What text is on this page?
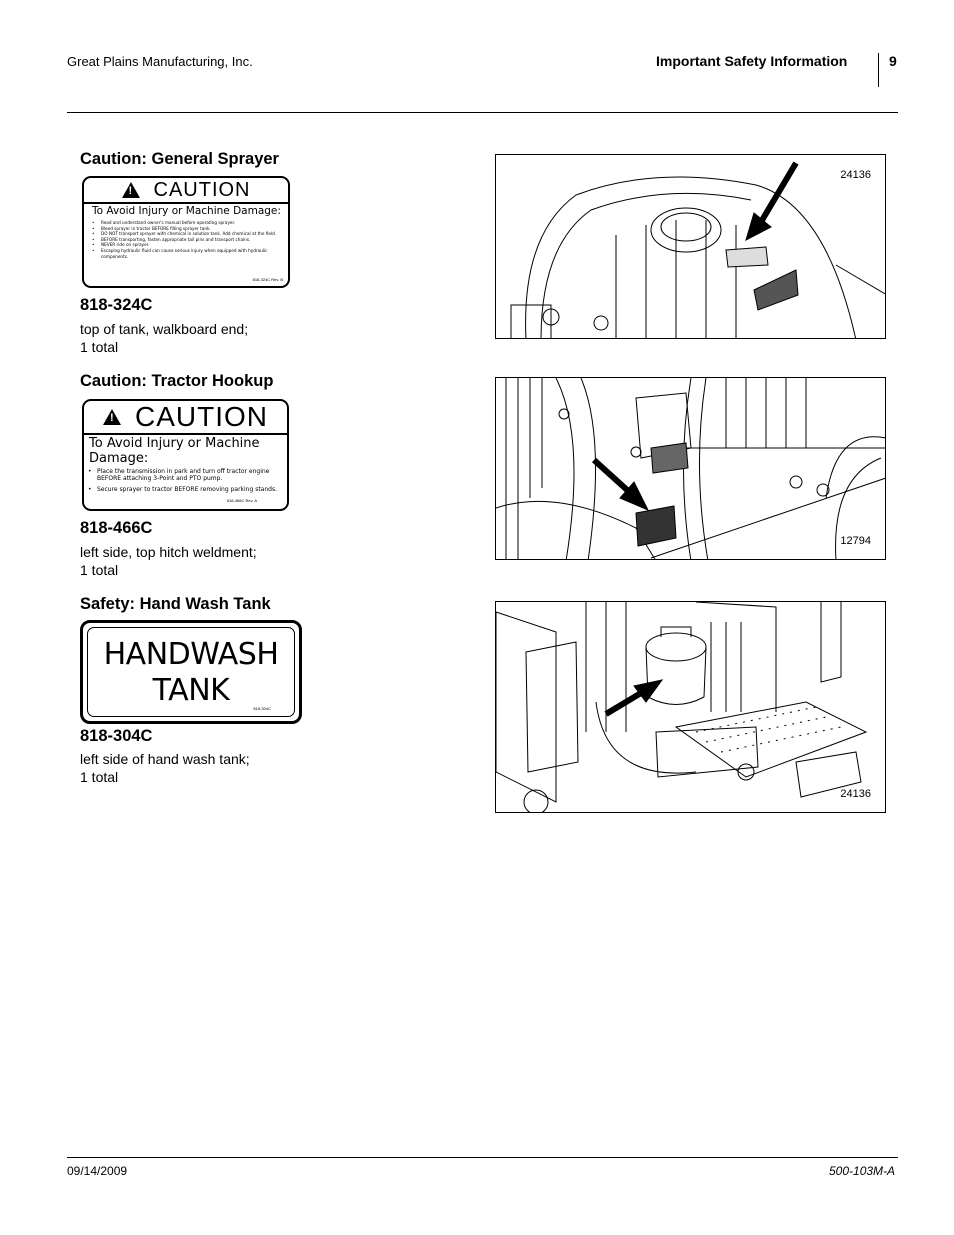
Great Plains Manufacturing, Inc.	Important Safety Information	9
Caution: General Sprayer
! CAUTION
To Avoid Injury or Machine Damage:
• Read and understand owner's manual before operating sprayer.
• Bleed sprayer in tractor BEFORE filling sprayer tank.
• DO NOT transport sprayer with chemical in solution tank. Add chemical at the field.
• BEFORE transporting, fasten appropriate tail pins and transport chains.
• NEVER ride on sprayer.
• Escaping hydraulic fluid can cause serious injury when equipped with hydraulic components.
818-324C Rev. B
818-324C
top of tank, walkboard end;
1 total
24136
Caution: Tractor Hookup
! CAUTION
To Avoid Injury or Machine Damage:
• Place the transmission in park and turn off tractor engine BEFORE attaching 3-Point and PTO pump.
• Secure sprayer to tractor BEFORE removing parking stands.
818-466C Rev. A
818-466C
left side, top hitch weldment;
1 total
12794
Safety: Hand Wash Tank
HANDWASH
TANK
818-304C
818-304C
left side of hand wash tank;
1 total
24136
09/14/2009	500-103M-A
